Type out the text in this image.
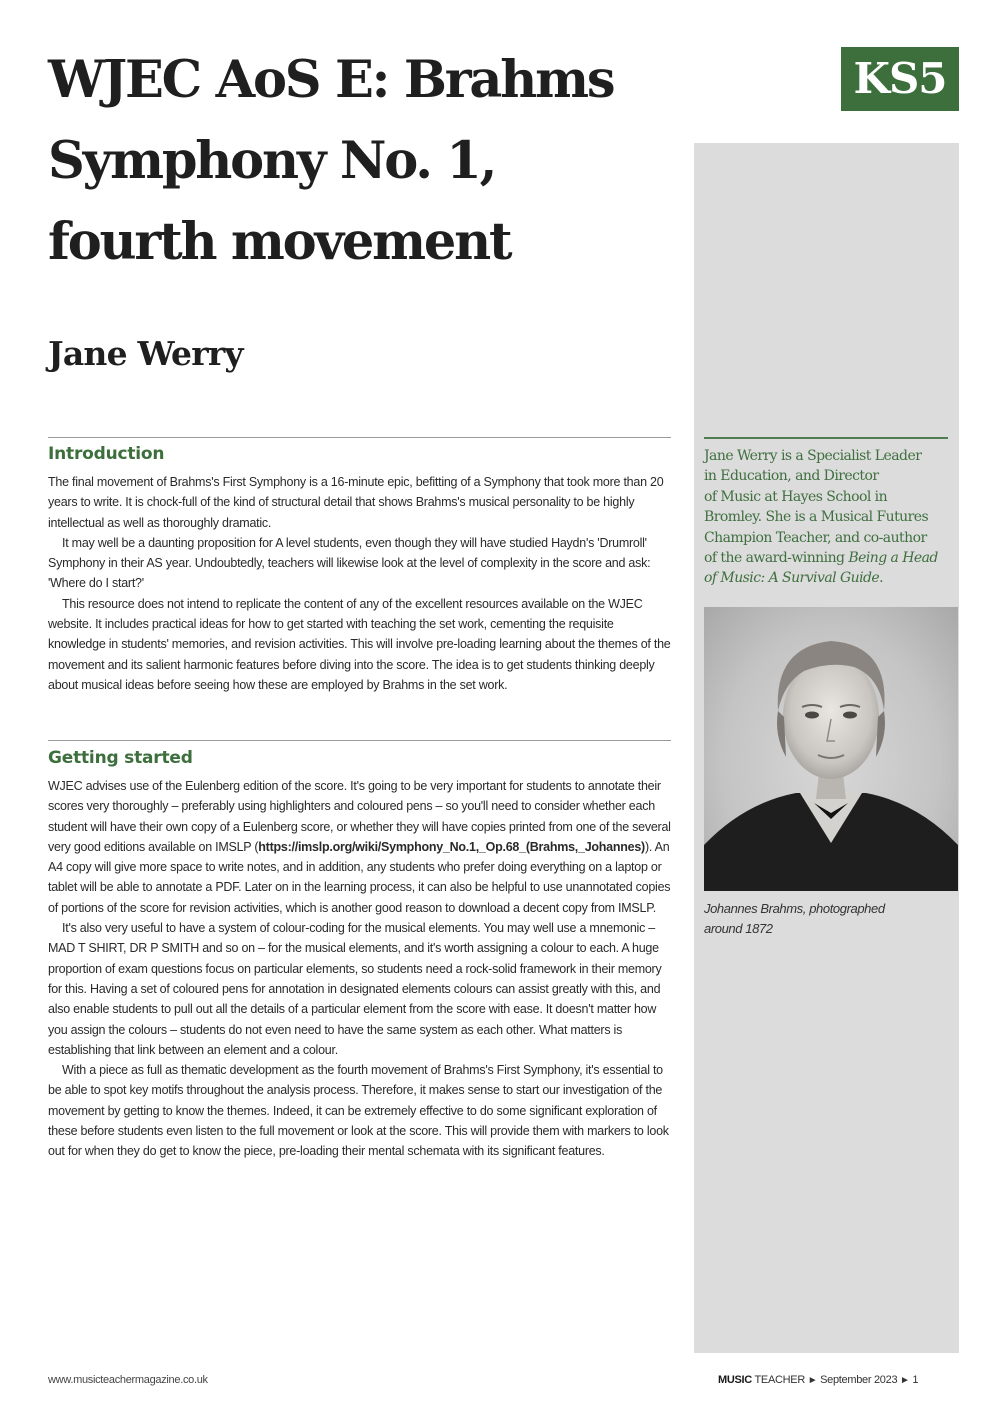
WJEC AoS E: Brahms
Symphony No. 1,
fourth movement
Jane Werry
KS5

Jane Werry is a Specialist Leader
in Education, and Director
of Music at Hayes School in
Bromley. She is a Musical Futures
Champion Teacher, and co-author
of the award-winning Being a Head
of Music: A Survival Guide.

Johannes Brahms, photographed
around 1872

Introduction

The final movement of Brahms's First Symphony is a 16-minute epic, befitting of a Symphony that took more than 20 years to write. It is chock-full of the kind of structural detail that shows Brahms's musical personality to be highly intellectual as well as thoroughly dramatic.

It may well be a daunting proposition for A level students, even though they will have studied Haydn's 'Drumroll' Symphony in their AS year. Undoubtedly, teachers will likewise look at the level of complexity in the score and ask: 'Where do I start?'

This resource does not intend to replicate the content of any of the excellent resources available on the WJEC website. It includes practical ideas for how to get started with teaching the set work, cementing the requisite knowledge in students' memories, and revision activities. This will involve pre-loading learning about the themes of the movement and its salient harmonic features before diving into the score. The idea is to get students thinking deeply about musical ideas before seeing how these are employed by Brahms in the set work.

Getting started

WJEC advises use of the Eulenberg edition of the score. It's going to be very important for students to annotate their scores very thoroughly – preferably using highlighters and coloured pens – so you'll need to consider whether each student will have their own copy of a Eulenberg score, or whether they will have copies printed from one of the several very good editions available on IMSLP (https://imslp.org/wiki/Symphony_No.1,_Op.68_(Brahms,_Johannes)). An A4 copy will give more space to write notes, and in addition, any students who prefer doing everything on a laptop or tablet will be able to annotate a PDF. Later on in the learning process, it can also be helpful to use unannotated copies of portions of the score for revision activities, which is another good reason to download a decent copy from IMSLP.

It's also very useful to have a system of colour-coding for the musical elements. You may well use a mnemonic – MAD T SHIRT, DR P SMITH and so on – for the musical elements, and it's worth assigning a colour to each. A huge proportion of exam questions focus on particular elements, so students need a rock-solid framework in their memory for this. Having a set of coloured pens for annotation in designated elements colours can assist greatly with this, and also enable students to pull out all the details of a particular element from the score with ease. It doesn't matter how you assign the colours – students do not even need to have the same system as each other. What matters is establishing that link between an element and a colour.

With a piece as full as thematic development as the fourth movement of Brahms's First Symphony, it's essential to be able to spot key motifs throughout the analysis process. Therefore, it makes sense to start our investigation of the movement by getting to know the themes. Indeed, it can be extremely effective to do some significant exploration of these before students even listen to the full movement or look at the score. This will provide them with markers to look out for when they do get to know the piece, pre-loading their mental schemata with its significant features.

www.musicteachermagazine.co.uk	MUSIC TEACHER ► September 2023 ► 1
